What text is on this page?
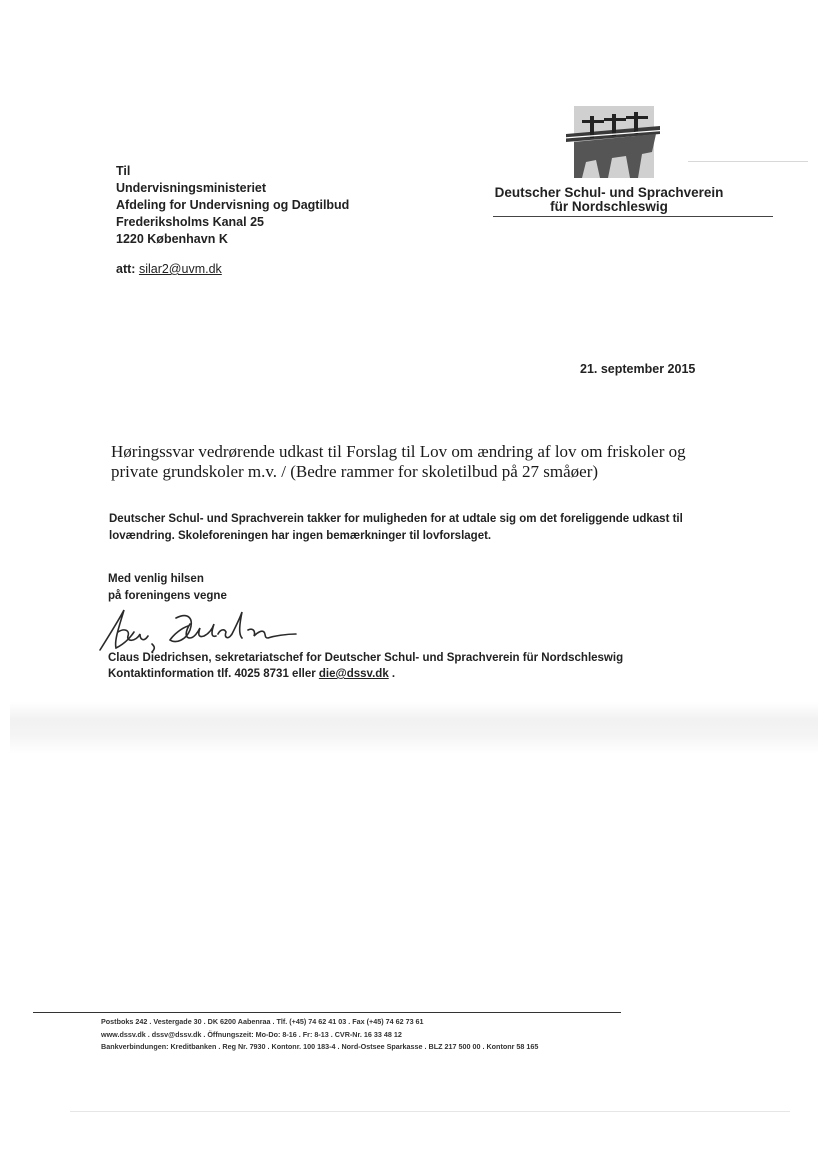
Til
Undervisningsministeriet
Afdeling for Undervisning og Dagtilbud
Frederiksholms Kanal 25
1220 København K
att: silar2@uvm.dk
Deutscher Schul- und Sprachverein
für Nordschleswig
21. september 2015
Høringssvar vedrørende udkast til Forslag til Lov om ændring af lov om friskoler og
private grundskoler m.v. / (Bedre rammer for skoletilbud på 27 småøer)
Deutscher Schul- und Sprachverein takker for muligheden for at udtale sig om det foreliggende udkast til
lovændring. Skoleforeningen har ingen bemærkninger til lovforslaget.
Med venlig hilsen
på foreningens vegne
Claus Diedrichsen
Claus Diedrichsen, sekretariatschef for Deutscher Schul- und Sprachverein für Nordschleswig
Kontaktinformation tlf. 4025 8731 eller die@dssv.dk .
Postboks 242 . Vestergade 30 . DK 6200 Aabenraa . Tlf. (+45) 74 62 41 03 . Fax (+45) 74 62 73 61
www.dssv.dk . dssv@dssv.dk . Öffnungszeit: Mo-Do: 8-16 . Fr: 8-13 . CVR-Nr. 16 33 48 12
Bankverbindungen: Kreditbanken . Reg Nr. 7930 . Kontonr. 100 183-4 . Nord-Ostsee Sparkasse . BLZ 217 500 00 . Kontonr 58 165
